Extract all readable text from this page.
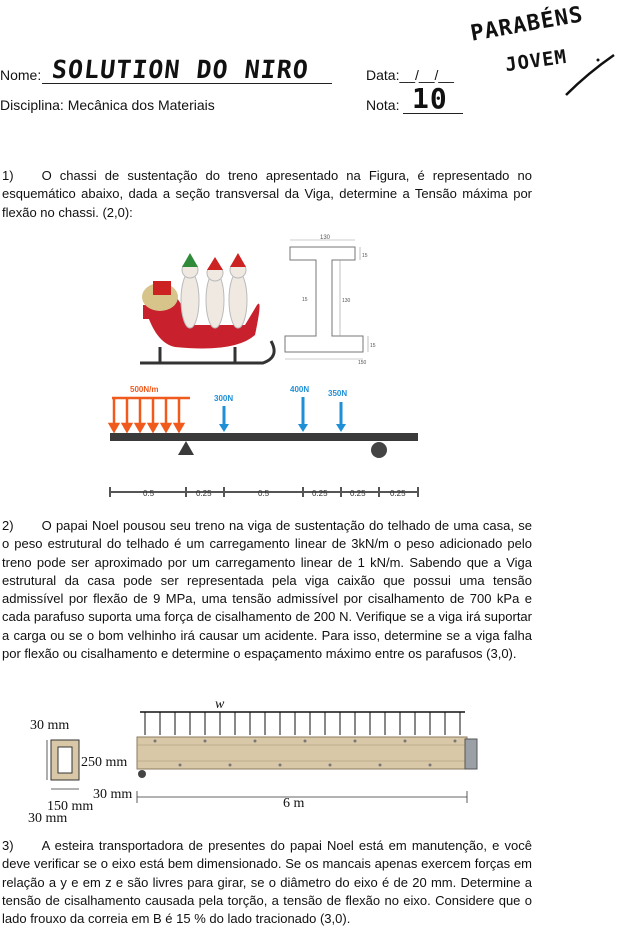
Nome: SOLUTION DO NIRO	Data:__/__/__
Disciplina: Mecânica dos Materiais	Nota: 10
PARABÉNS
JOVEM
1) O chassi de sustentação do treno apresentado na Figura, é representado no esquemático abaixo, dada a seção transversal da Viga, determine a Tensão máxima por flexão no chassi. (2,0):
130
15
15	130
150
15
500N/m
300N
400N 350N
0.5	0.25	0.5	0.25	0.25	0.25
2) O papai Noel pousou seu treno na viga de sustentação do telhado de uma casa, se o peso estrutural do telhado é um carregamento linear de 3kN/m o peso adicionado pelo treno pode ser aproximado por um carregamento linear de 1 kN/m. Sabendo que a Viga estrutural da casa pode ser representada pela viga caixão que possui uma tensão admissível por flexão de 9 MPa, uma tensão admissível por cisalhamento de 700 kPa e cada parafuso suporta uma força de cisalhamento de 200 N. Verifique se a viga irá suportar a carga ou se o bom velhinho irá causar um acidente. Para isso, determine se a viga falha por flexão ou cisalhamento e determine o espaçamento máximo entre os parafusos (3,0).
w
30 mm
250 mm
30 mm
150 mm
30 mm
6 m
3) A esteira transportadora de presentes do papai Noel está em manutenção, e você deve verificar se o eixo está bem dimensionado. Se os mancais apenas exercem forças em relação a y e em z e são livres para girar, se o diâmetro do eixo é de 20 mm. Determine a tensão de cisalhamento causada pela torção, a tensão de flexão no eixo. Considere que o lado frouxo da correia em B é 15 % do lado tracionado (3,0).
